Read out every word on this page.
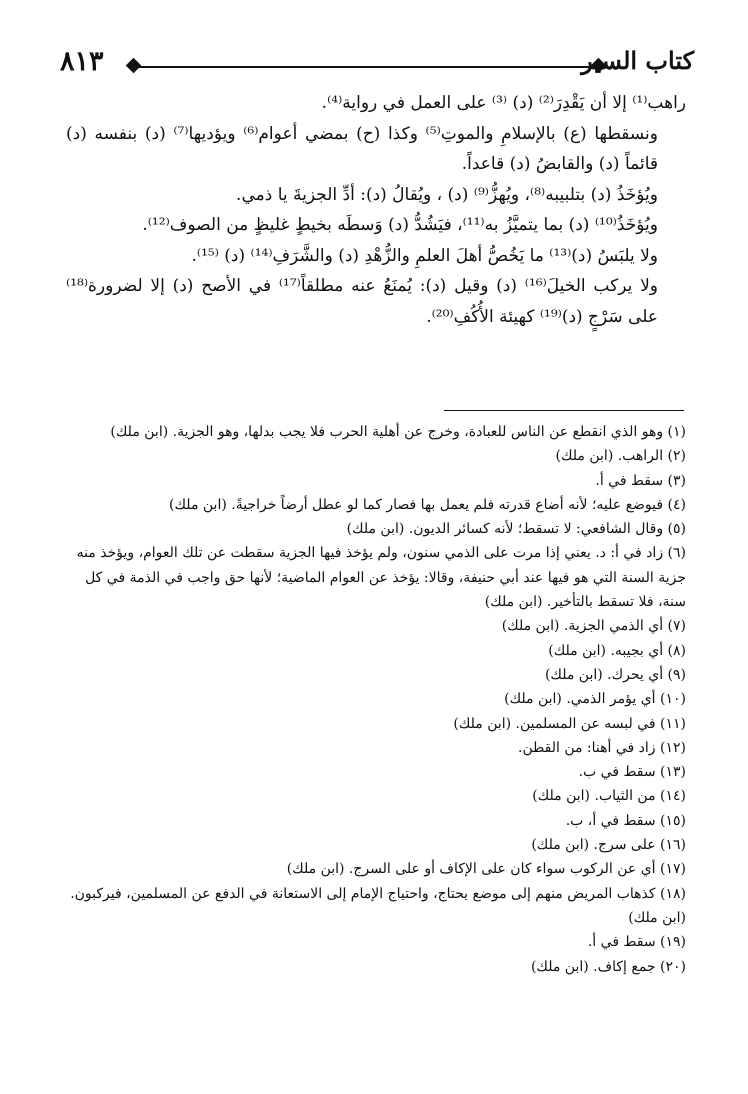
٨١٣	كتاب السير

راهب⁽¹⁾ إلا أن يَقْدِرَ⁽²⁾ (د) ⁽³⁾ على العمل في رواية⁽⁴⁾.

ونسقطها (ع) بالإسلامِ والموتِ⁽⁵⁾ وكذا (ح) بمضي أعوام⁽⁶⁾ ويؤديها⁽⁷⁾ (د) بنفسه (د) قائماً (د) والقابضُ (د) قاعداً.

ويُؤخَذُ (د) بتلبيبه⁽⁸⁾، ويُهزُّ⁽⁹⁾ (د) ، ويُقالُ (د): أدِّ الجزيةَ يا ذمي.

ويُؤخَذُ⁽¹⁰⁾ (د) بما يتميَّزُ به⁽¹¹⁾، فيَشُدُّ (د) وَسطَه بخيطٍ غليظٍ من الصوف⁽¹²⁾.

ولا يلبَسُ (د)⁽¹³⁾ ما يَخُصُّ أهلَ العلمِ والزُّهْدِ (د) والشَّرَفِ⁽¹⁴⁾ (د) ⁽¹⁵⁾.

ولا يركب الخيلَ⁽¹⁶⁾ (د) وقيل (د): يُمنَعُ عنه مطلقاً⁽¹⁷⁾ في الأصح (د) إلا لضرورة⁽¹⁸⁾ على سَرْجٍ (د)⁽¹⁹⁾ كهيئة الأُكُفِ⁽²⁰⁾.

(١) وهو الذي انقطع عن الناس للعبادة، وخرج عن أهلية الحرب فلا يجب بدلها، وهو الجزية. (ابن ملك)

(٢) الراهب. (ابن ملك)

(٣) سقط في أ.

(٤) فيوضع عليه؛ لأنه أضاع قدرته فلم يعمل بها فصار كما لو عطل أرضاً خراجيةً. (ابن ملك)

(٥) وقال الشافعي: لا تسقط؛ لأنه كسائر الديون. (ابن ملك)

(٦) زاد في أ: د. يعني إذا مرت على الذمي سنون، ولم يؤخذ فيها الجزية سقطت عن تلك العوام، ويؤخذ منه جزية السنة التي هو فيها عند أبي حنيفة، وقالا: يؤخذ عن العوام الماضية؛ لأنها حق واجب في الذمة في كل سنة، فلا تسقط بالتأخير. (ابن ملك)

(٧) أي الذمي الجزية. (ابن ملك)

(٨) أي بجيبه. (ابن ملك)

(٩) أي يحرك. (ابن ملك)

(١٠) أي يؤمر الذمي. (ابن ملك)

(١١) في لبسه عن المسلمين. (ابن ملك)

(١٢) زاد في أهنا: من القطن.

(١٣) سقط في ب.

(١٤) من الثياب. (ابن ملك)

(١٥) سقط في أ، ب.

(١٦) على سرج. (ابن ملك)

(١٧) أي عن الركوب سواء كان على الإكاف أو على السرج. (ابن ملك)

(١٨) كذهاب المريض منهم إلى موضع يحتاج، واحتياج الإمام إلى الاستعانة في الدفع عن المسلمين، فيركبون. (ابن ملك)

(١٩) سقط في أ.

(٢٠) جمع إكاف. (ابن ملك)
